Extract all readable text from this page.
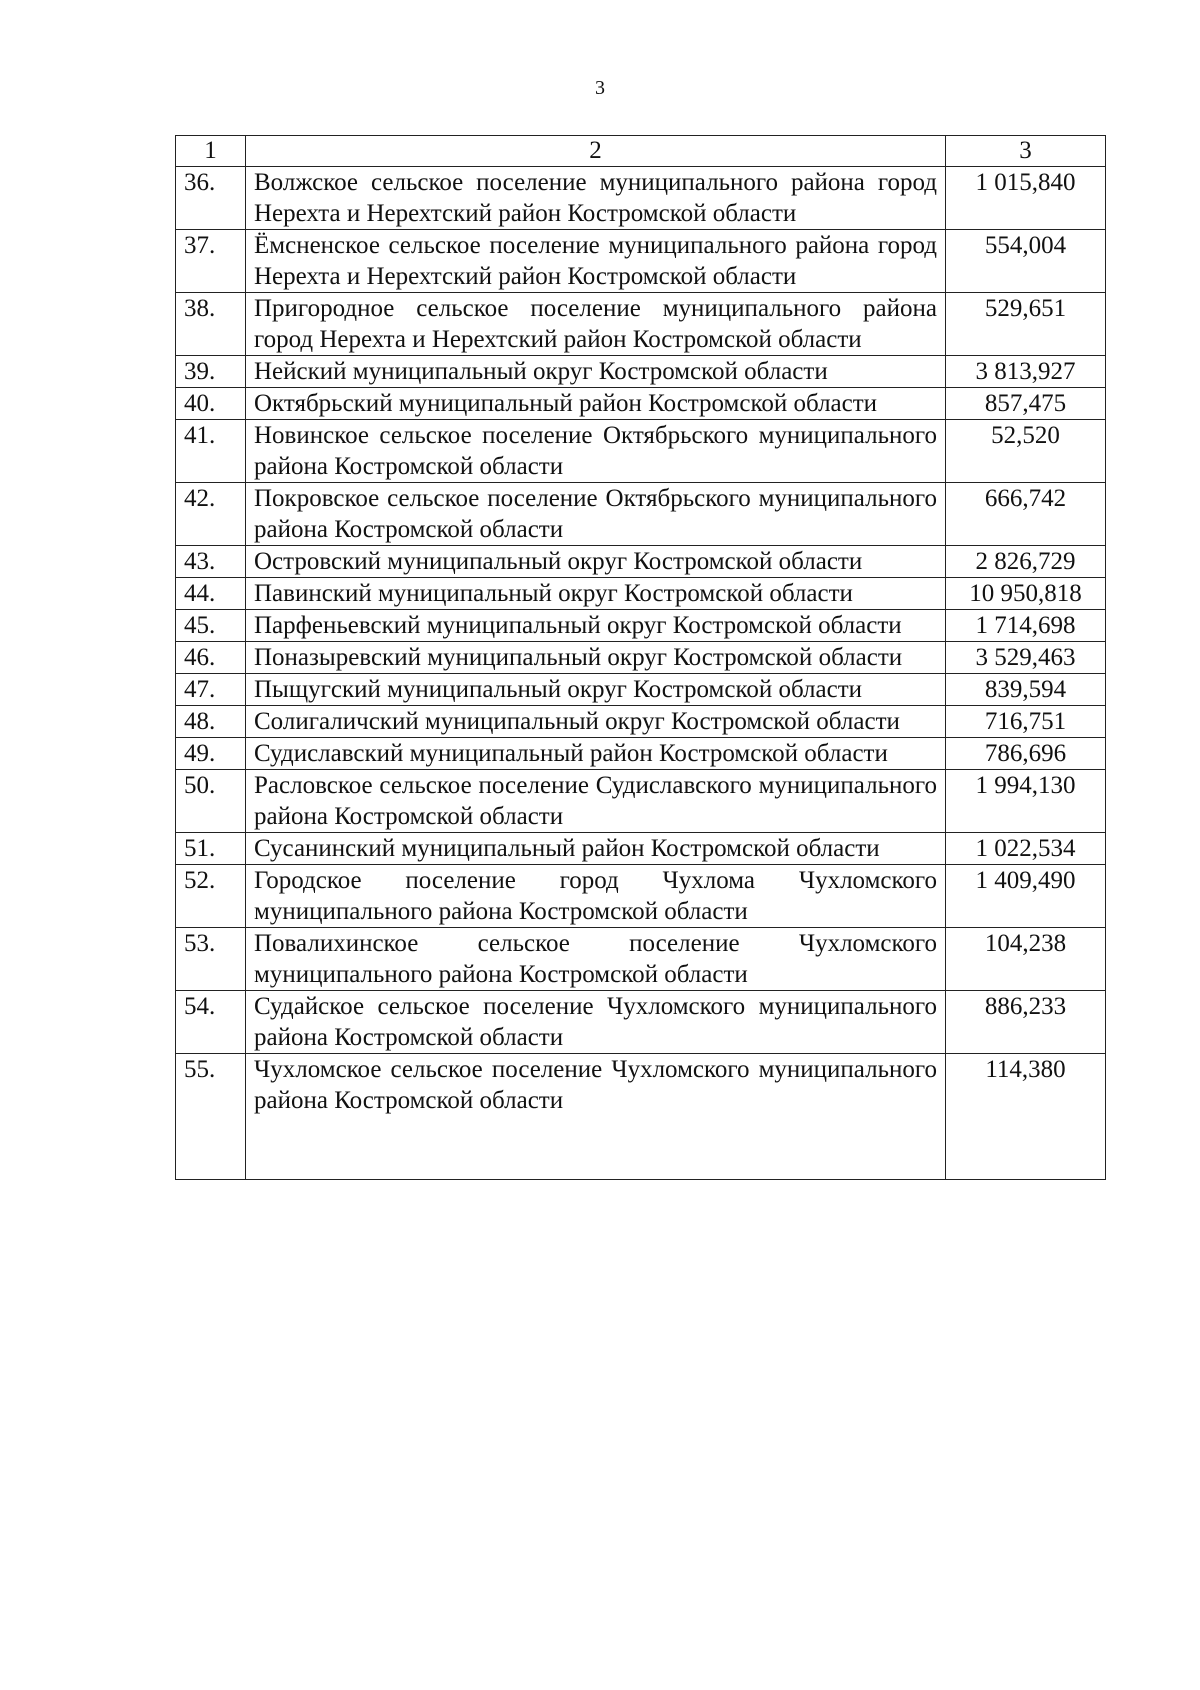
3
1	2	3
36.	Волжское сельское поселение муниципального района город Нерехта и Нерехтский район Костромской области	1 015,840
37.	Ёмсненское сельское поселение муниципального района город Нерехта и Нерехтский район Костромской области	554,004
38.	Пригородное сельское поселение муниципального района город Нерехта и Нерехтский район Костромской области	529,651
39.	Нейский муниципальный округ Костромской области	3 813,927
40.	Октябрьский муниципальный район Костромской области	857,475
41.	Новинское сельское поселение Октябрьского муниципального района Костромской области	52,520
42.	Покровское сельское поселение Октябрьского муниципального района Костромской области	666,742
43.	Островский муниципальный округ Костромской области	2 826,729
44.	Павинский муниципальный округ Костромской области	10 950,818
45.	Парфеньевский муниципальный округ Костромской области	1 714,698
46.	Поназыревский муниципальный округ Костромской области	3 529,463
47.	Пыщугский муниципальный округ Костромской области	839,594
48.	Солигаличский муниципальный округ Костромской области	716,751
49.	Судиславский муниципальный район Костромской области	786,696
50.	Расловское сельское поселение Судиславского муниципального района Костромской области	1 994,130
51.	Сусанинский муниципальный район Костромской области	1 022,534
52.	Городское поселение город Чухлома Чухломского муниципального района Костромской области	1 409,490
53.	Повалихинское сельское поселение Чухломского муниципального района Костромской области	104,238
54.	Судайское сельское поселение Чухломского муниципального района Костромской области	886,233
55.	Чухломское сельское поселение Чухломского муниципального района Костромской области	114,380
